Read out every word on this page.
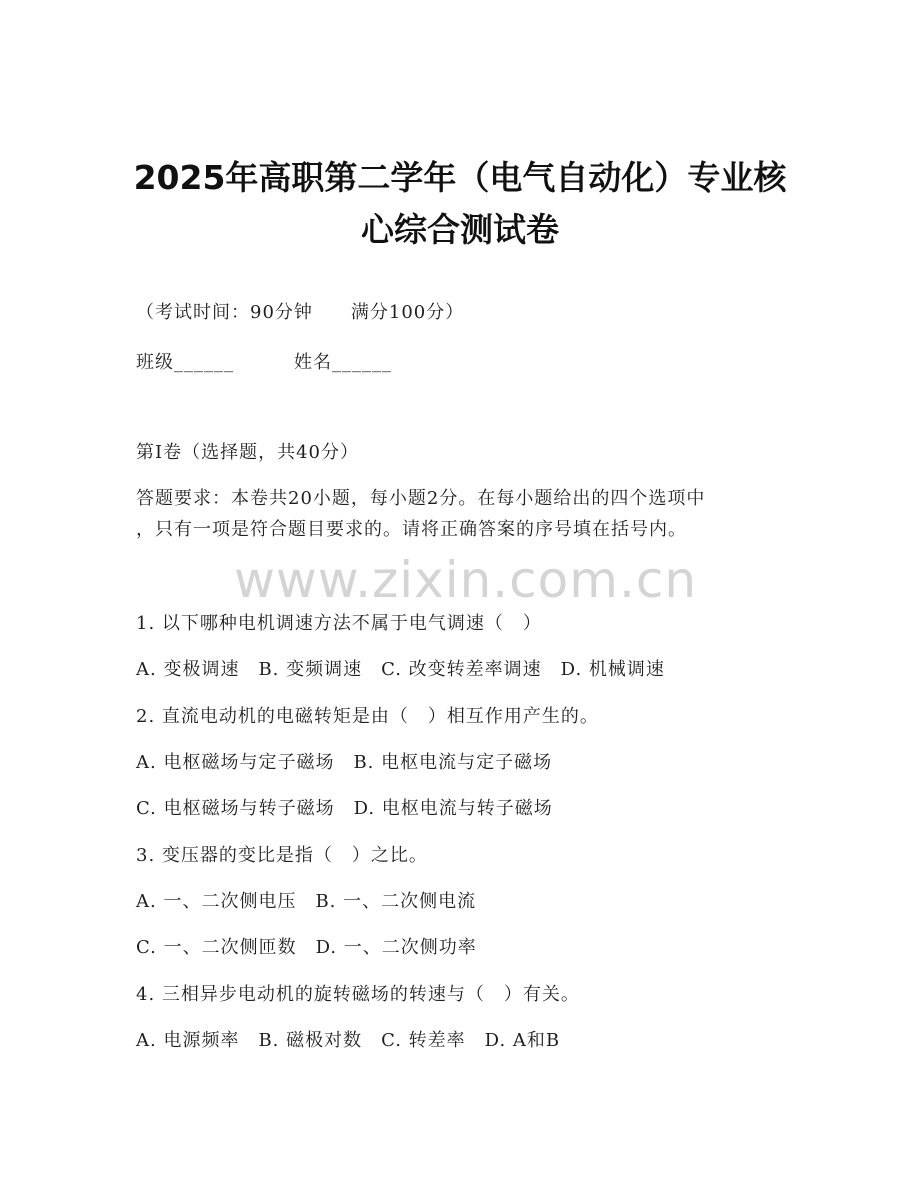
2025年高职第二学年（电气自动化）专业核
心综合测试卷
（考试时间：90分钟　　满分100分）
班级______	姓名______
第I卷（选择题，共40分）
答题要求：本卷共20小题，每小题2分。在每小题给出的四个选项中
，只有一项是符合题目要求的。请将正确答案的序号填在括号内。
www.zixin.com.cn
1. 以下哪种电机调速方法不属于电气调速（　）
A. 变极调速　B. 变频调速　C. 改变转差率调速　D. 机械调速
2. 直流电动机的电磁转矩是由（　）相互作用产生的。
A. 电枢磁场与定子磁场　B. 电枢电流与定子磁场
C. 电枢磁场与转子磁场　D. 电枢电流与转子磁场
3. 变压器的变比是指（　）之比。
A. 一、二次侧电压　B. 一、二次侧电流
C. 一、二次侧匝数　D. 一、二次侧功率
4. 三相异步电动机的旋转磁场的转速与（　）有关。
A. 电源频率　B. 磁极对数　C. 转差率　D. A和B
